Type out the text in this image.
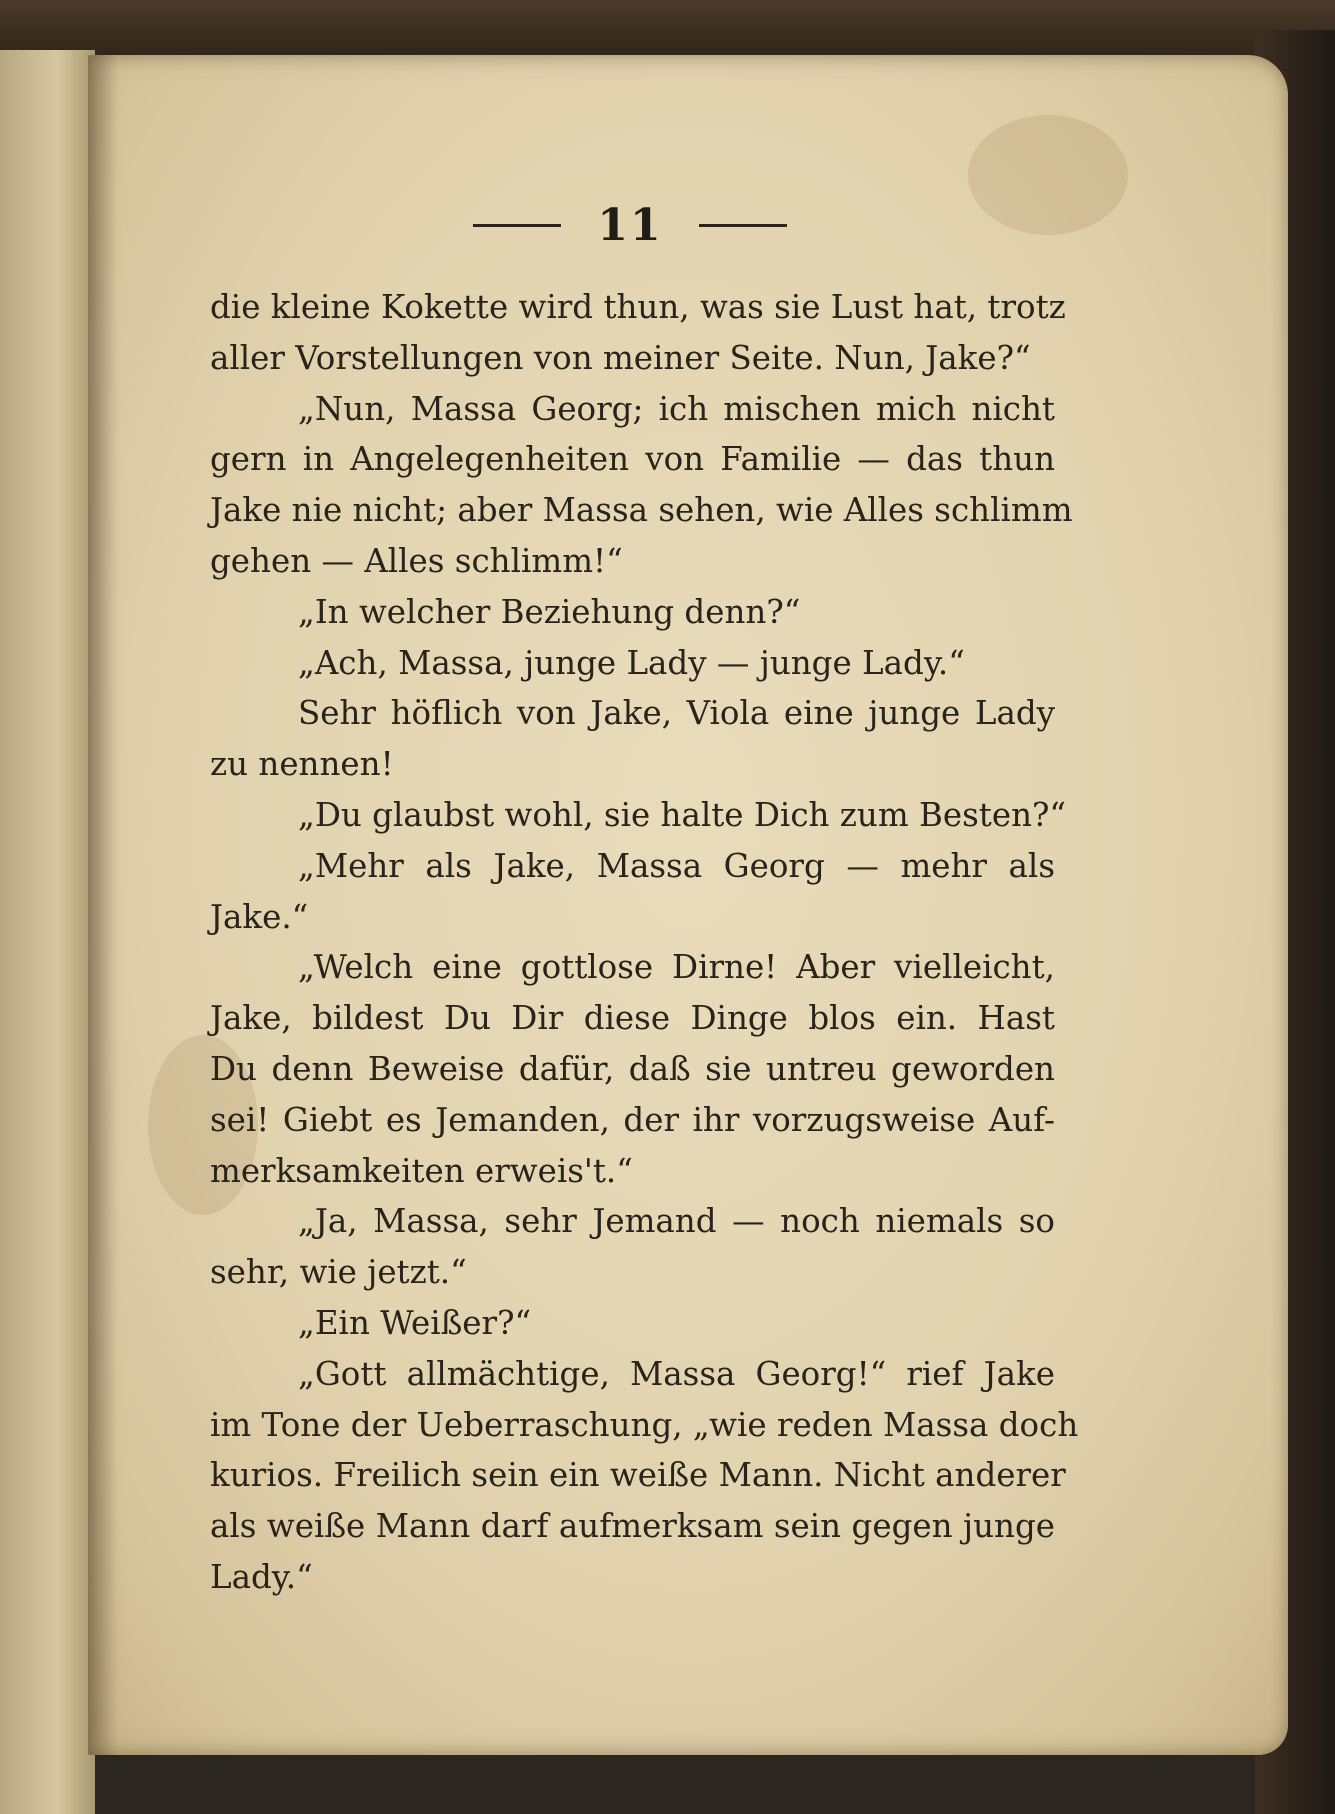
11
die kleine Kokette wird thun, was sie Lust hat, trotz
aller Vorstellungen von meiner Seite. Nun, Jake?“
„Nun, Massa Georg; ich mischen mich nicht
gern in Angelegenheiten von Familie — das thun
Jake nie nicht; aber Massa sehen, wie Alles schlimm
gehen — Alles schlimm!“
„In welcher Beziehung denn?“
„Ach, Massa, junge Lady — junge Lady.“
Sehr höflich von Jake, Viola eine junge Lady
zu nennen!
„Du glaubst wohl, sie halte Dich zum Besten?“
„Mehr als Jake, Massa Georg — mehr als
Jake.“
„Welch eine gottlose Dirne! Aber vielleicht,
Jake, bildest Du Dir diese Dinge blos ein. Hast
Du denn Beweise dafür, daß sie untreu geworden
sei! Giebt es Jemanden, der ihr vorzugsweise Auf-
merksamkeiten erweis't.“
„Ja, Massa, sehr Jemand — noch niemals so
sehr, wie jetzt.“
„Ein Weißer?“
„Gott allmächtige, Massa Georg!“ rief Jake
im Tone der Ueberraschung, „wie reden Massa doch
kurios. Freilich sein ein weiße Mann. Nicht anderer
als weiße Mann darf aufmerksam sein gegen junge
Lady.“
